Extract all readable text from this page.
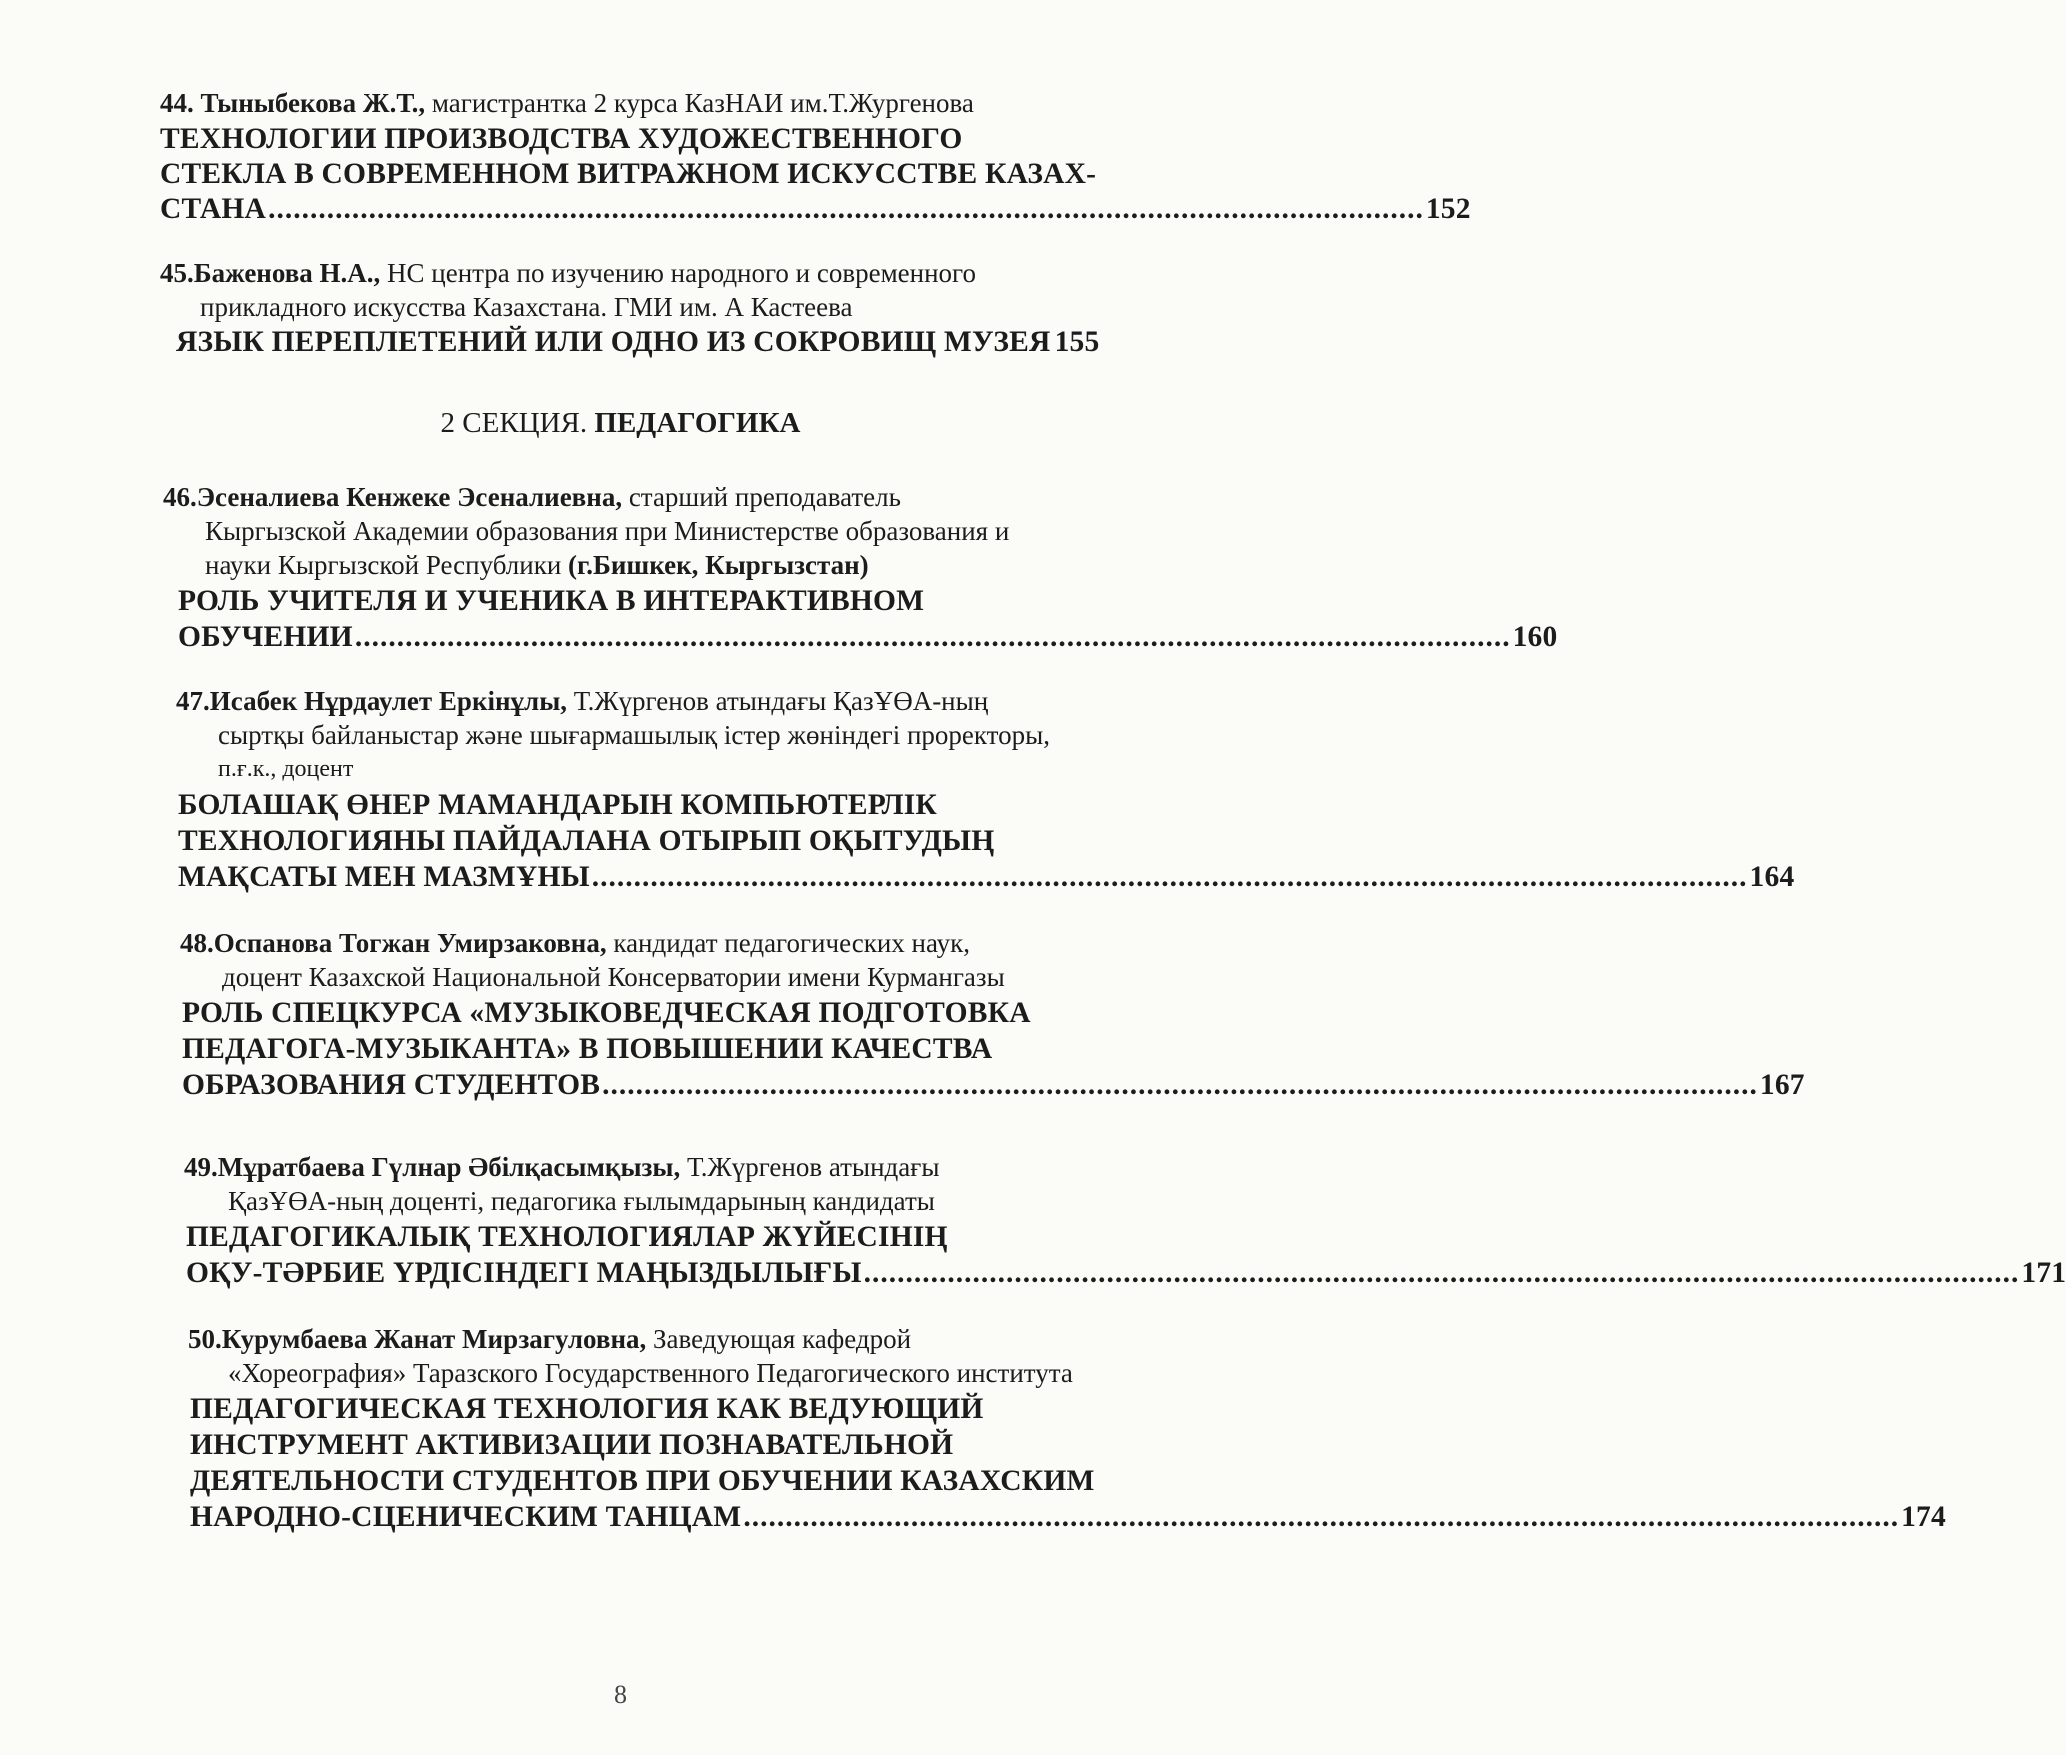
44. Тыныбекова Ж.Т., магистрантка 2 курса КазНАИ им.Т.Жургенова
ТЕХНОЛОГИИ ПРОИЗВОДСТВА ХУДОЖЕСТВЕННОГО
СТЕКЛА В СОВРЕМЕННОМ ВИТРАЖНОМ ИСКУССТВЕ КАЗАХ-
СТАНА .......................................................................................................................................... 152
45.Баженова Н.А., НС центра по изучению народного и современного
прикладного искусства Казахстана. ГМИ им. А Кастеева
ЯЗЫК ПЕРЕПЛЕТЕНИЙ ИЛИ ОДНО ИЗ СОКРОВИЩ МУЗЕЯ 155
2 СЕКЦИЯ. ПЕДАГОГИКА
46.Эсеналиева Кенжеке Эсеналиевна, старший преподаватель
Кыргызской Академии образования при Министерстве образования и
науки Кыргызской Республики (г.Бишкек, Кыргызстан)
РОЛЬ УЧИТЕЛЯ И УЧЕНИКА В ИНТЕРАКТИВНОМ
ОБУЧЕНИИ .......................................................................................................................................... 160
47.Исабек Нұрдаулет Еркінұлы, Т.Жүргенов атындағы ҚазҰӨА-ның
сыртқы байланыстар және шығармашылық істер жөніндегі проректоры,
п.ғ.к., доцент
БОЛАШАҚ ӨНЕР МАМАНДАРЫН КОМПЬЮТЕРЛІК
ТЕХНОЛОГИЯНЫ ПАЙДАЛАНА ОТЫРЫП ОҚЫТУДЫҢ
МАҚСАТЫ МЕН МАЗМҰНЫ .......................................................................................................................................... 164
48.Оспанова Тогжан Умирзаковна, кандидат педагогических наук,
доцент Казахской Национальной Консерватории имени Курмангазы
РОЛЬ СПЕЦКУРСА «МУЗЫКОВЕДЧЕСКАЯ ПОДГОТОВКА
ПЕДАГОГА-МУЗЫКАНТА» В ПОВЫШЕНИИ КАЧЕСТВА
ОБРАЗОВАНИЯ СТУДЕНТОВ .......................................................................................................................................... 167
49.Мұратбаева Гүлнар Әбілқасымқызы, Т.Жүргенов атындағы
ҚазҰӨА-ның доценті, педагогика ғылымдарының кандидаты
ПЕДАГОГИКАЛЫҚ ТЕХНОЛОГИЯЛАР ЖҮЙЕСІНІҢ
ОҚУ-ТӘРБИЕ ҮРДІСІНДЕГІ МАҢЫЗДЫЛЫҒЫ .......................................................................................................................................... 171
50.Курумбаева Жанат Мирзагуловна, Заведующая кафедрой
«Хореография» Таразского Государственного Педагогического института
ПЕДАГОГИЧЕСКАЯ ТЕХНОЛОГИЯ КАК ВЕДУЮЩИЙ
ИНСТРУМЕНТ АКТИВИЗАЦИИ ПОЗНАВАТЕЛЬНОЙ
ДЕЯТЕЛЬНОСТИ СТУДЕНТОВ ПРИ ОБУЧЕНИИ КАЗАХСКИМ
НАРОДНО-СЦЕНИЧЕСКИМ ТАНЦАМ .......................................................................................................................................... 174
8
